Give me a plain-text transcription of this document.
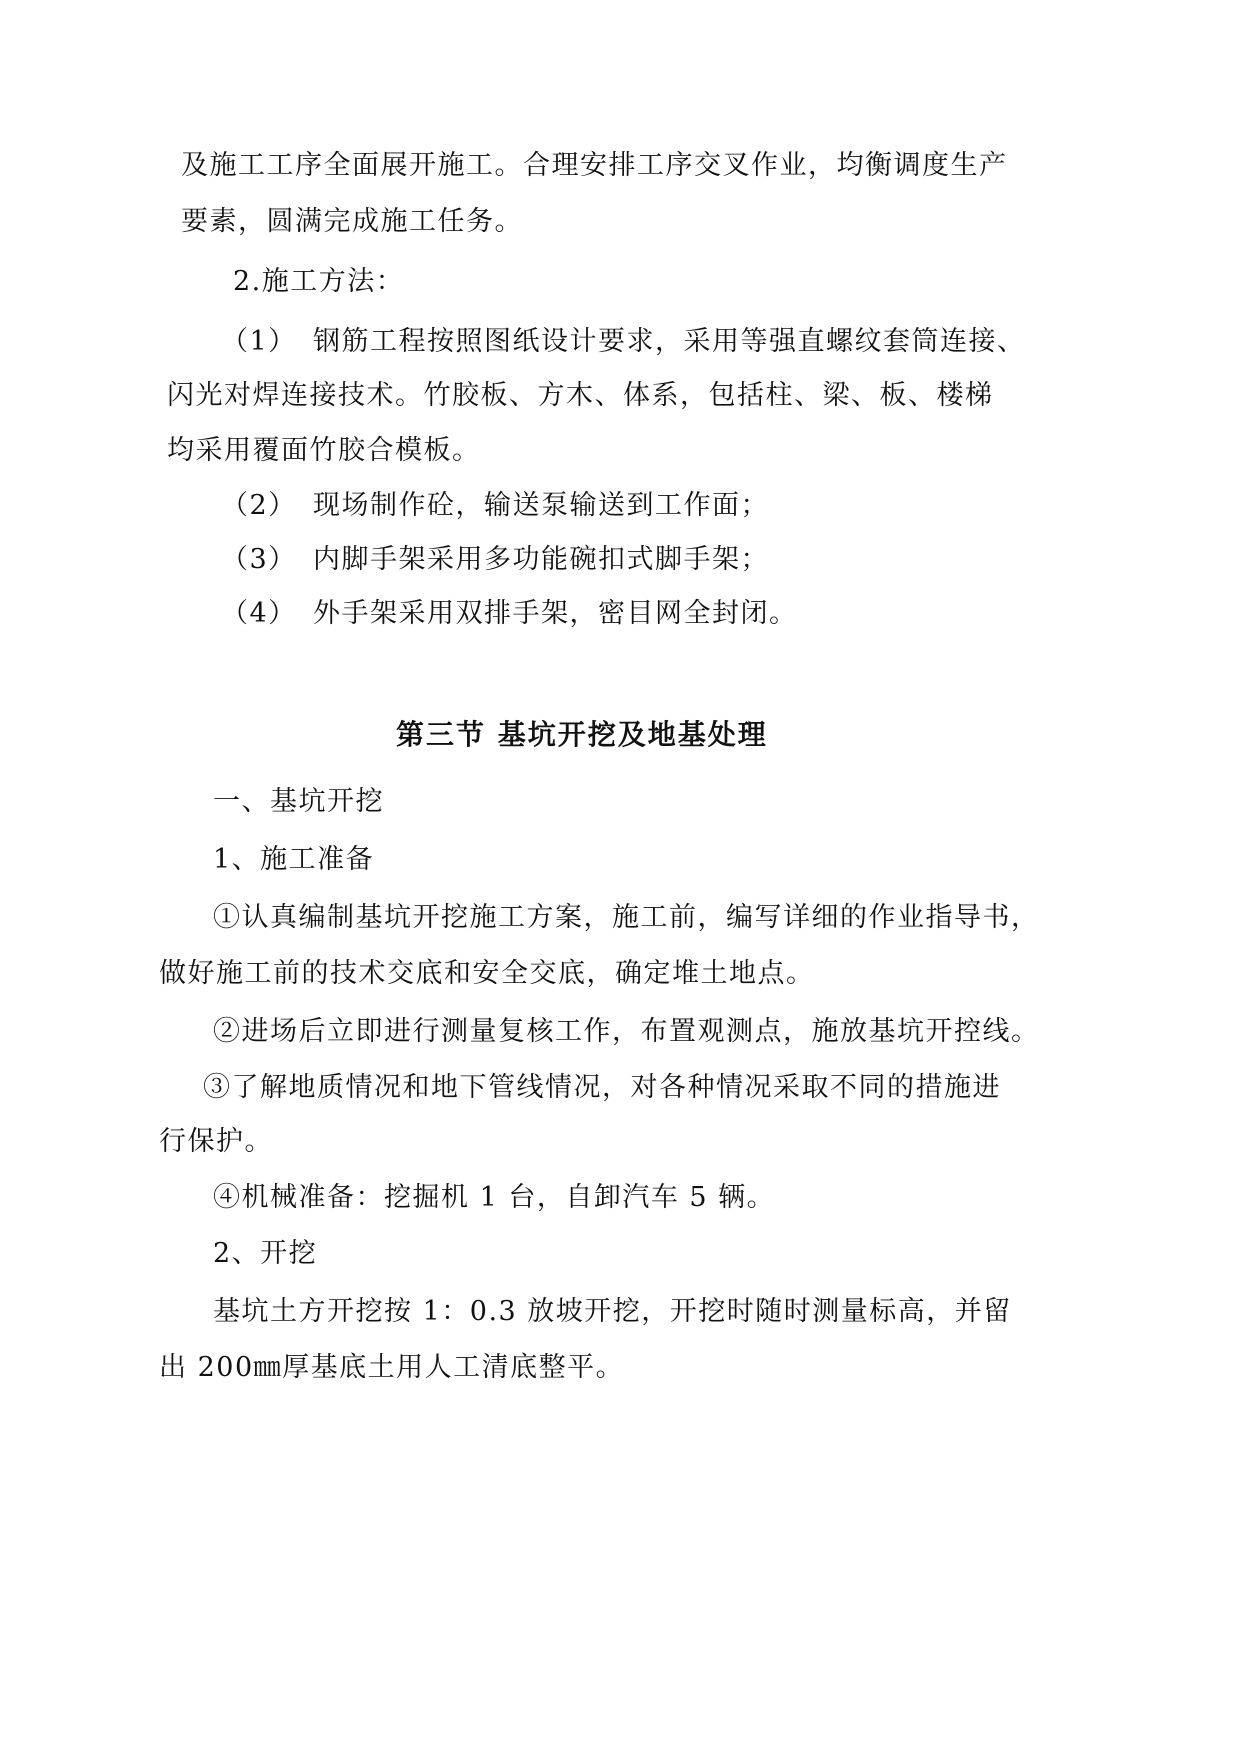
及施工工序全面展开施工。合理安排工序交叉作业，均衡调度生产
要素，圆满完成施工任务。
2.施工方法：
（1） 钢筋工程按照图纸设计要求，采用等强直螺纹套筒连接、
闪光对焊连接技术。竹胶板、方木、体系，包括柱、梁、板、楼梯
均采用覆面竹胶合模板。
（2） 现场制作砼，输送泵输送到工作面；
（3） 内脚手架采用多功能碗扣式脚手架；
（4） 外手架采用双排手架，密目网全封闭。
第三节 基坑开挖及地基处理
一、基坑开挖
1、施工准备
①认真编制基坑开挖施工方案，施工前，编写详细的作业指导书，
做好施工前的技术交底和安全交底，确定堆土地点。
②进场后立即进行测量复核工作，布置观测点，施放基坑开控线。
③了解地质情况和地下管线情况，对各种情况采取不同的措施进
行保护。
④机械准备：挖掘机 1 台，自卸汽车 5 辆。
2、开挖
基坑土方开挖按 1：0.3 放坡开挖，开挖时随时测量标高，并留
出 200㎜厚基底土用人工清底整平。
